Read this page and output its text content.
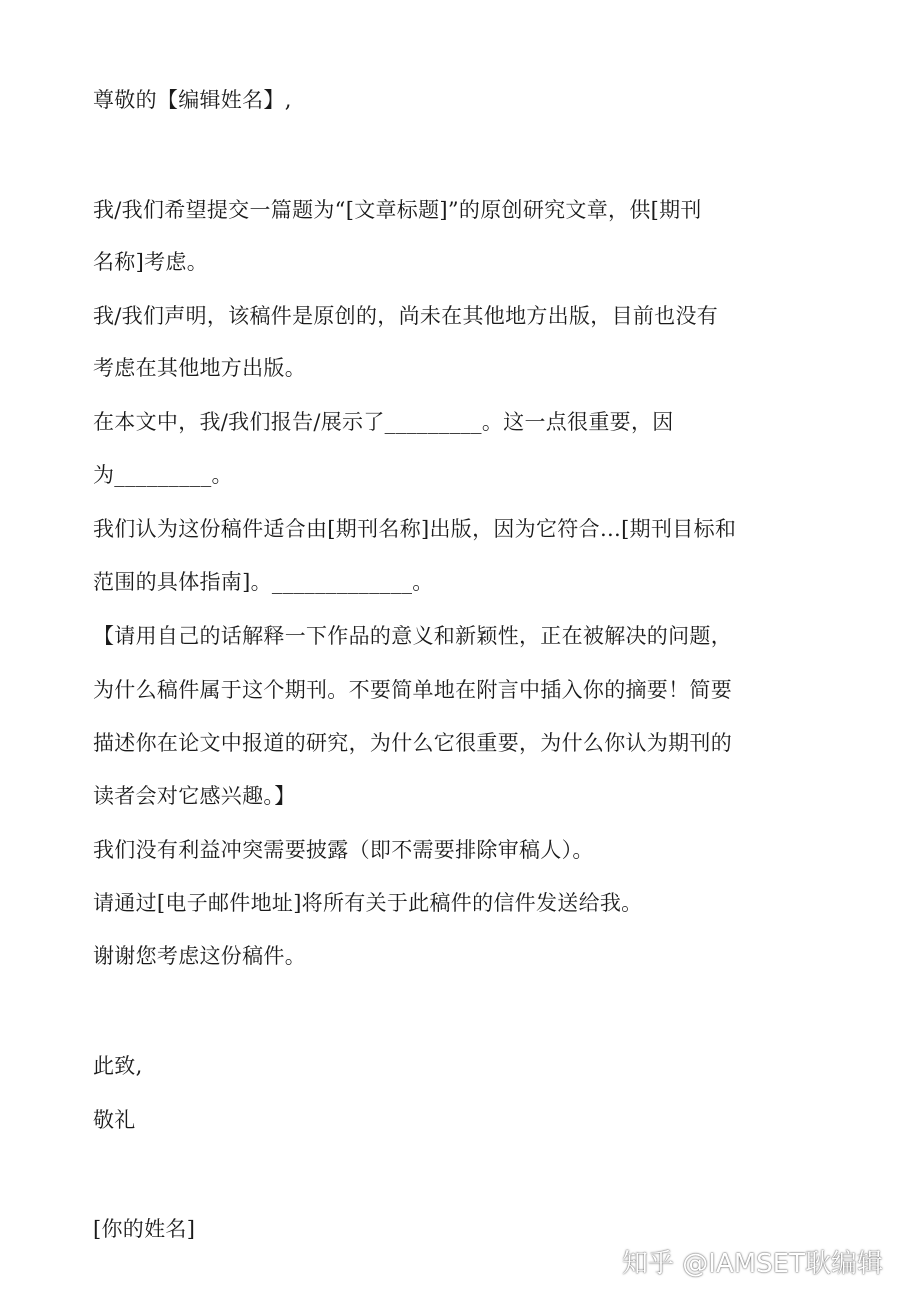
尊敬的【编辑姓名】,
我/我们希望提交一篇题为“[文章标题]”的原创研究文章，供[期刊
名称]考虑。
我/我们声明，该稿件是原创的，尚未在其他地方出版，目前也没有
考虑在其他地方出版。
在本文中，我/我们报告/展示了_________。这一点很重要，因
为_________。
我们认为这份稿件适合由[期刊名称]出版，因为它符合…[期刊目标和
范围的具体指南]。_____________。
【请用自己的话解释一下作品的意义和新颖性，正在被解决的问题，
为什么稿件属于这个期刊。不要简单地在附言中插入你的摘要！简要
描述你在论文中报道的研究，为什么它很重要，为什么你认为期刊的
读者会对它感兴趣。】
我们没有利益冲突需要披露（即不需要排除审稿人）。
请通过[电子邮件地址]将所有关于此稿件的信件发送给我。
谢谢您考虑这份稿件。
此致,
敬礼
[你的姓名]
知乎 @IAMSET耿编辑
